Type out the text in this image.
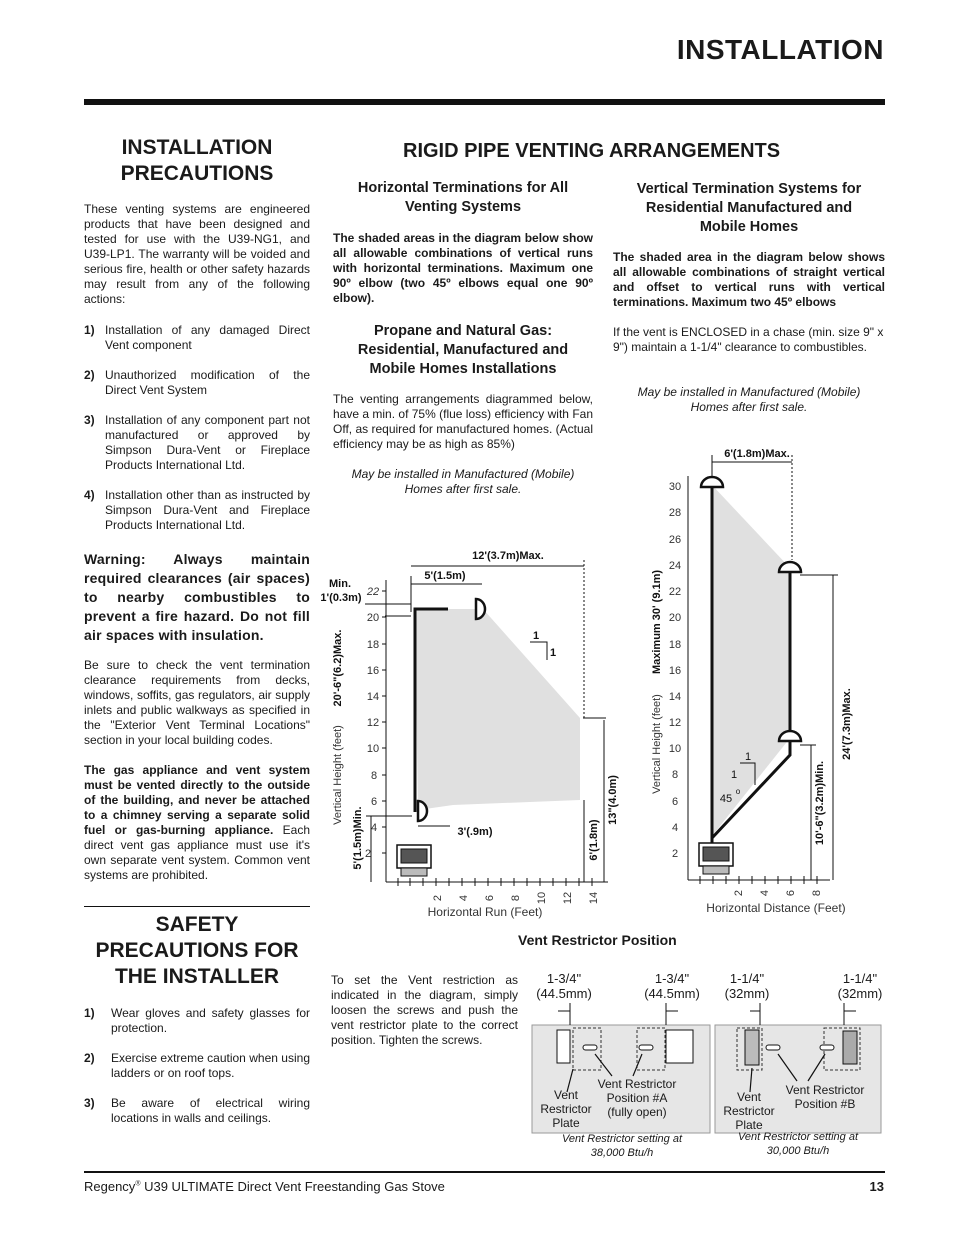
INSTALLATION
INSTALLATION
PRECAUTIONS
These venting systems are engineered products that have been designed and tested for use with the U39-NG1, and U39-LP1. The warranty will be voided and serious fire, health or other safety hazards may result from any of the following actions:
1) Installation of any damaged Direct Vent component
2) Unauthorized modification of the Direct Vent System
3) Installation of any component part not manufactured or approved by Simpson Dura-Vent or Fireplace Products International Ltd.
4) Installation other than as instructed by Simpson Dura-Vent and Fireplace Products International Ltd.
Warning: Always maintain required clearances (air spaces) to nearby combustibles to prevent a fire hazard. Do not fill air spaces with insulation.
Be sure to check the vent termination clearance requirements from decks, windows, soffits, gas regulators, air supply inlets and public walkways as specified in the "Exterior Vent Terminal Locations" section in your local building codes.
The gas appliance and vent system must be vented directly to the outside of the building, and never be attached to a chimney serving a separate solid fuel or gas-burning appliance. Each direct vent gas appliance must use it's own separate vent system. Common vent systems are prohibited.
SAFETY
PRECAUTIONS FOR
THE INSTALLER
1) Wear gloves and safety glasses for protection.
2) Exercise extreme caution when using ladders or on roof tops.
3) Be aware of electrical wiring locations in walls and ceilings.
RIGID PIPE VENTING ARRANGEMENTS
Horizontal Terminations for All
Venting Systems
The shaded areas in the diagram below show all allowable combinations of vertical runs with horizontal terminations. Maximum one 90º elbow (two 45º elbows equal one 90º elbow).
Propane and Natural Gas:
Residential, Manufactured and
Mobile Homes Installations
The venting arrangements diagrammed below, have a min. of 75% (flue loss) efficiency with Fan Off, as required for manufactured homes. (Actual efficiency may be as high as 85%)
May be installed in Manufactured (Mobile)
Homes after first sale.
Vertical Termination Systems for
Residential Manufactured and
Mobile Homes
The shaded area in the diagram below shows all allowable combinations of straight vertical and offset to vertical runs with vertical terminations. Maximum two 45º elbows
If the vent is ENCLOSED in a chase (min. size 9" x 9") maintain a 1-1/4" clearance to combustibles.
May be installed in Manufactured (Mobile)
Homes after first sale.
2
4
6
8
10
12
14
16
18
20
22
2 4 6 8 10 12 14
Horizontal Run (Feet)
Vertical Height (feet)
20'-6"(6.2)Max.
5'(1.5m)Min.
12'(3.7m)Max.
5'(1.5m)
Min.
1'(0.3m)
3'(.9m)
13"(4.0m)
6'(1.8m)
1
1
2
4
6
8
10
12
14
16
18
20
22
24
26
28
30
2 4 6 8
Horizontal Distance (Feet)
Vertical Height (feet)
Maximum 30' (9.1m)
6'(1.8m)Max.
24'(7.3m)Max.
10'-6"(3.2m)Min.
1
1
45
o
Vent Restrictor Position
To set the Vent restriction as indicated in the diagram, simply loosen the screws and push the vent restrictor plate to the correct position. Tighten the screws.
1-3/4"
(44.5mm)
1-3/4"
(44.5mm)
1-1/4"
(32mm)
1-1/4"
(32mm)
Vent
Restrictor
Plate
Vent Restrictor
Position #A
(fully open)
Vent Restrictor setting at
38,000 Btu/h
Vent
Restrictor
Plate
Vent Restrictor
Position #B
Vent Restrictor setting at
30,000 Btu/h
Regency® U39 ULTIMATE Direct Vent Freestanding Gas Stove	13
